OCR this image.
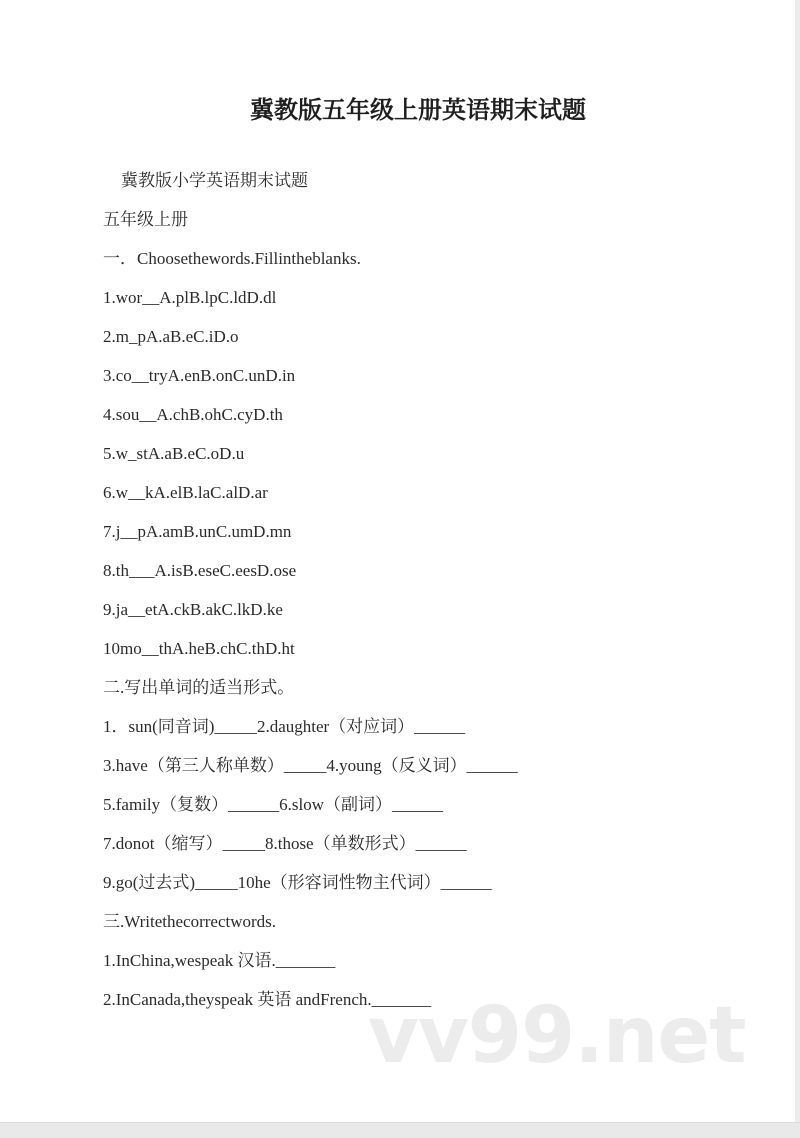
vv99.net
冀教版五年级上册英语期末试题
冀教版小学英语期末试题
五年级上册
一．Choosethewords.Fillintheblanks.
1.wor__A.plB.lpC.ldD.dl
2.m_pA.aB.eC.iD.o
3.co__tryA.enB.onC.unD.in
4.sou__A.chB.ohC.cyD.th
5.w_stA.aB.eC.oD.u
6.w__kA.elB.laC.alD.ar
7.j__pA.amB.unC.umD.mn
8.th___A.isB.eseC.eesD.ose
9.ja__etA.ckB.akC.lkD.ke
10mo__thA.heB.chC.thD.ht
二.写出单词的适当形式。
1．sun(同音词)_____2.daughter（对应词）______
3.have（第三人称单数）_____4.young（反义词）______
5.family（复数）______6.slow（副词）______
7.donot（缩写）_____8.those（单数形式）______
9.go(过去式)_____10he（形容词性物主代词）______
三.Writethecorrectwords.
1.InChina,wespeak 汉语._______
2.InCanada,theyspeak 英语 andFrench._______
